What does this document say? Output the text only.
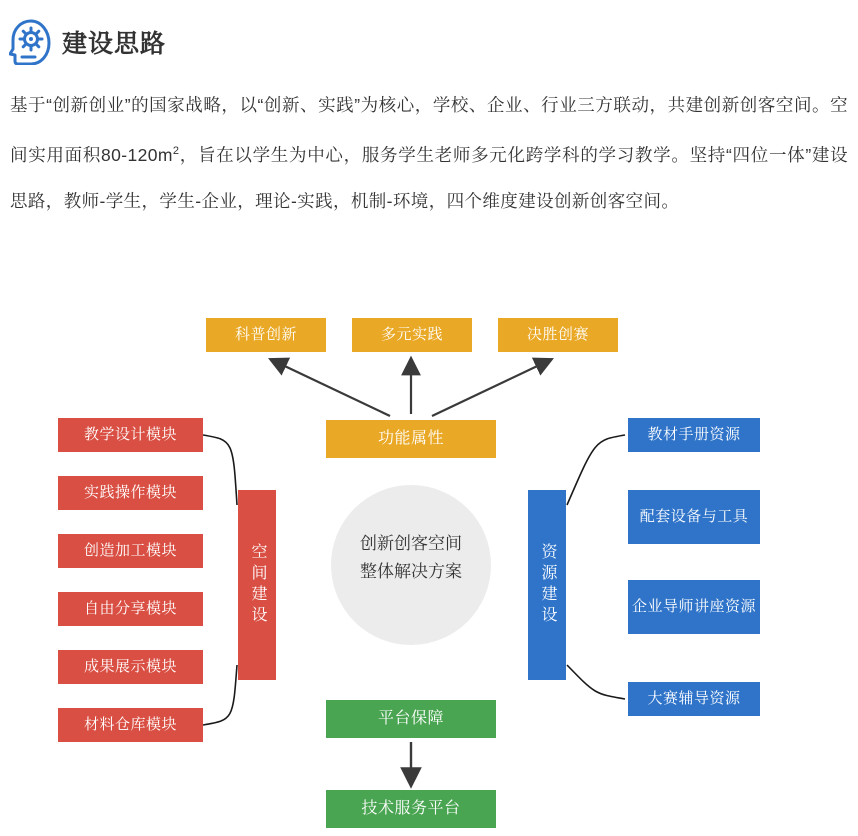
建设思路
基于“创新创业”的国家战略，以“创新、实践”为核心，学校、企业、行业三方联动，共建创新创客空间。空间实用面积$80-120m^2$，旨在以学生为中心，服务学生老师多元化跨学科的学习教学。坚持“四位一体”建设思路，教师-学生，学生-企业，理论-实践，机制-环境，四个维度建设创新创客空间。
创新创客空间
整体解决方案
科普创新	多元实践	决胜创赛
功能属性
教学设计模块
实践操作模块
创造加工模块
自由分享模块
成果展示模块
材料仓库模块
空间建设	资源建设
教材手册资源
配套设备与工具
企业导师讲座资源
大赛辅导资源
平台保障
技术服务平台
